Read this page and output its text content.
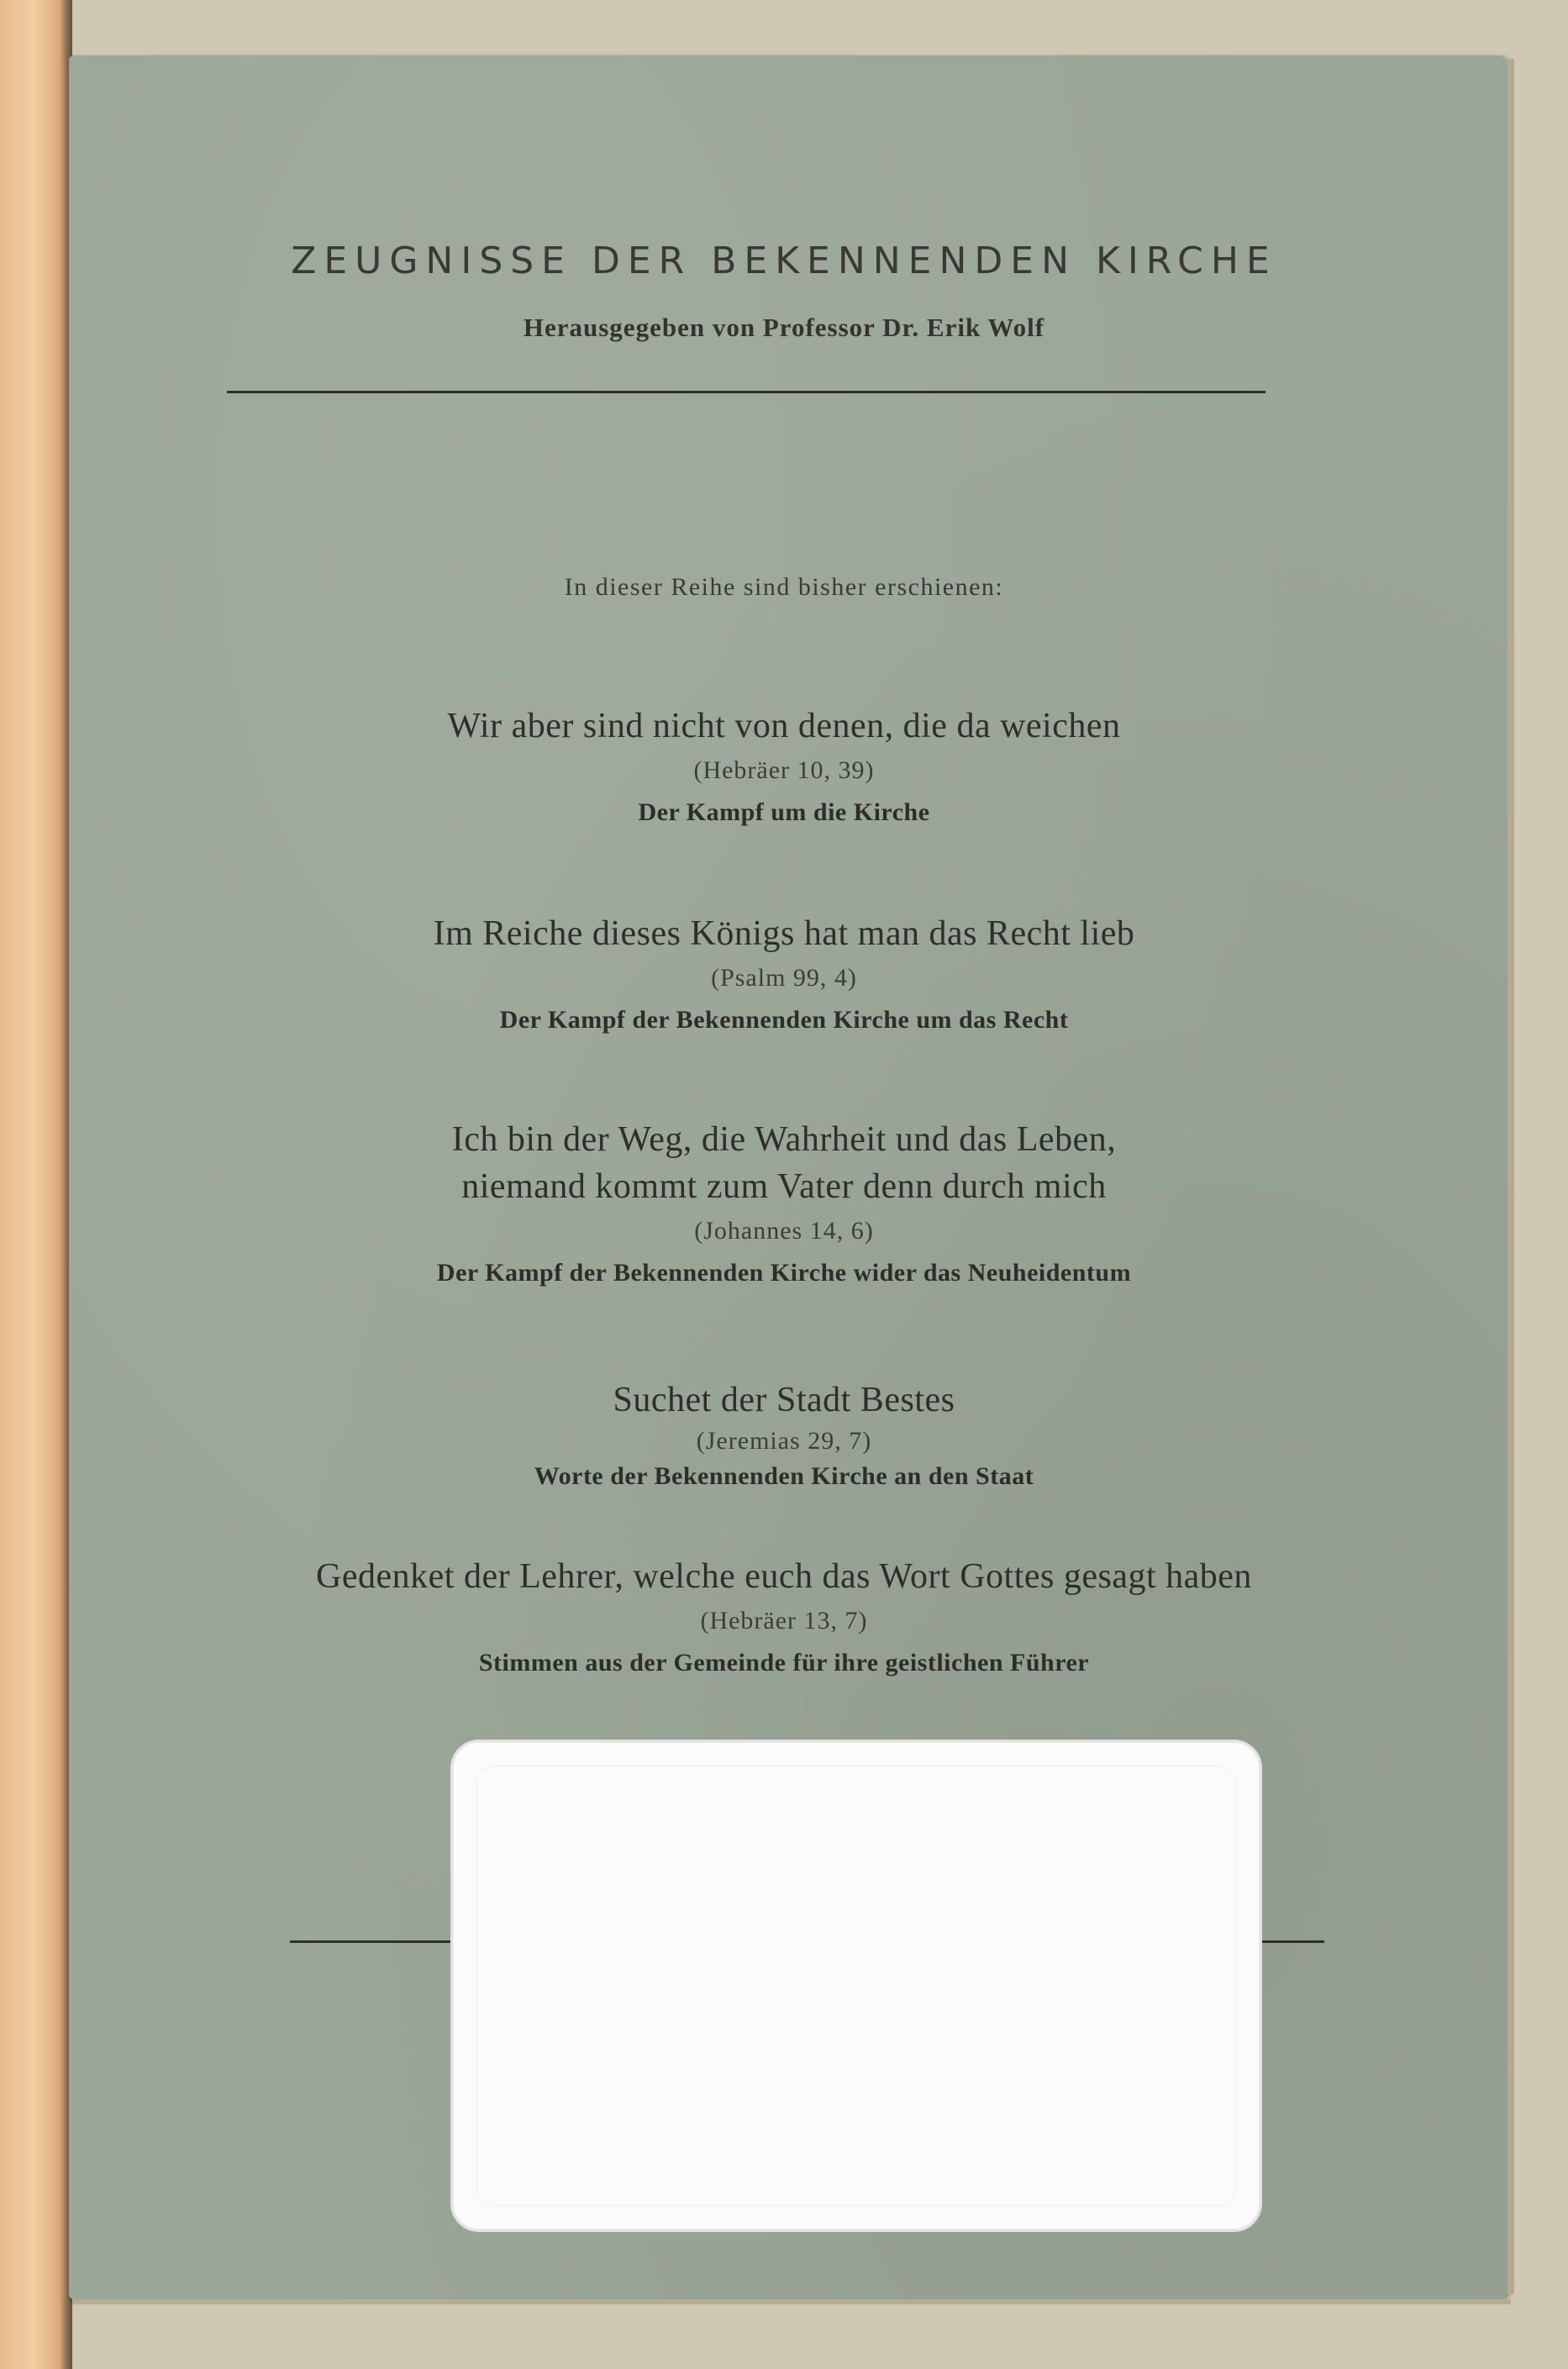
ZEUGNISSE DER BEKENNENDEN KIRCHE
Herausgegeben von Professor Dr. Erik Wolf
In dieser Reihe sind bisher erschienen:
Wir aber sind nicht von denen, die da weichen
(Hebräer 10, 39)
Der Kampf um die Kirche
Im Reiche dieses Königs hat man das Recht lieb
(Psalm 99, 4)
Der Kampf der Bekennenden Kirche um das Recht
Ich bin der Weg, die Wahrheit und das Leben,
niemand kommt zum Vater denn durch mich
(Johannes 14, 6)
Der Kampf der Bekennenden Kirche wider das Neuheidentum
Suchet der Stadt Bestes
(Jeremias 29, 7)
Worte der Bekennenden Kirche an den Staat
Gedenket der Lehrer, welche euch das Wort Gottes gesagt haben
(Hebräer 13, 7)
Stimmen aus der Gemeinde für ihre geistlichen Führer
